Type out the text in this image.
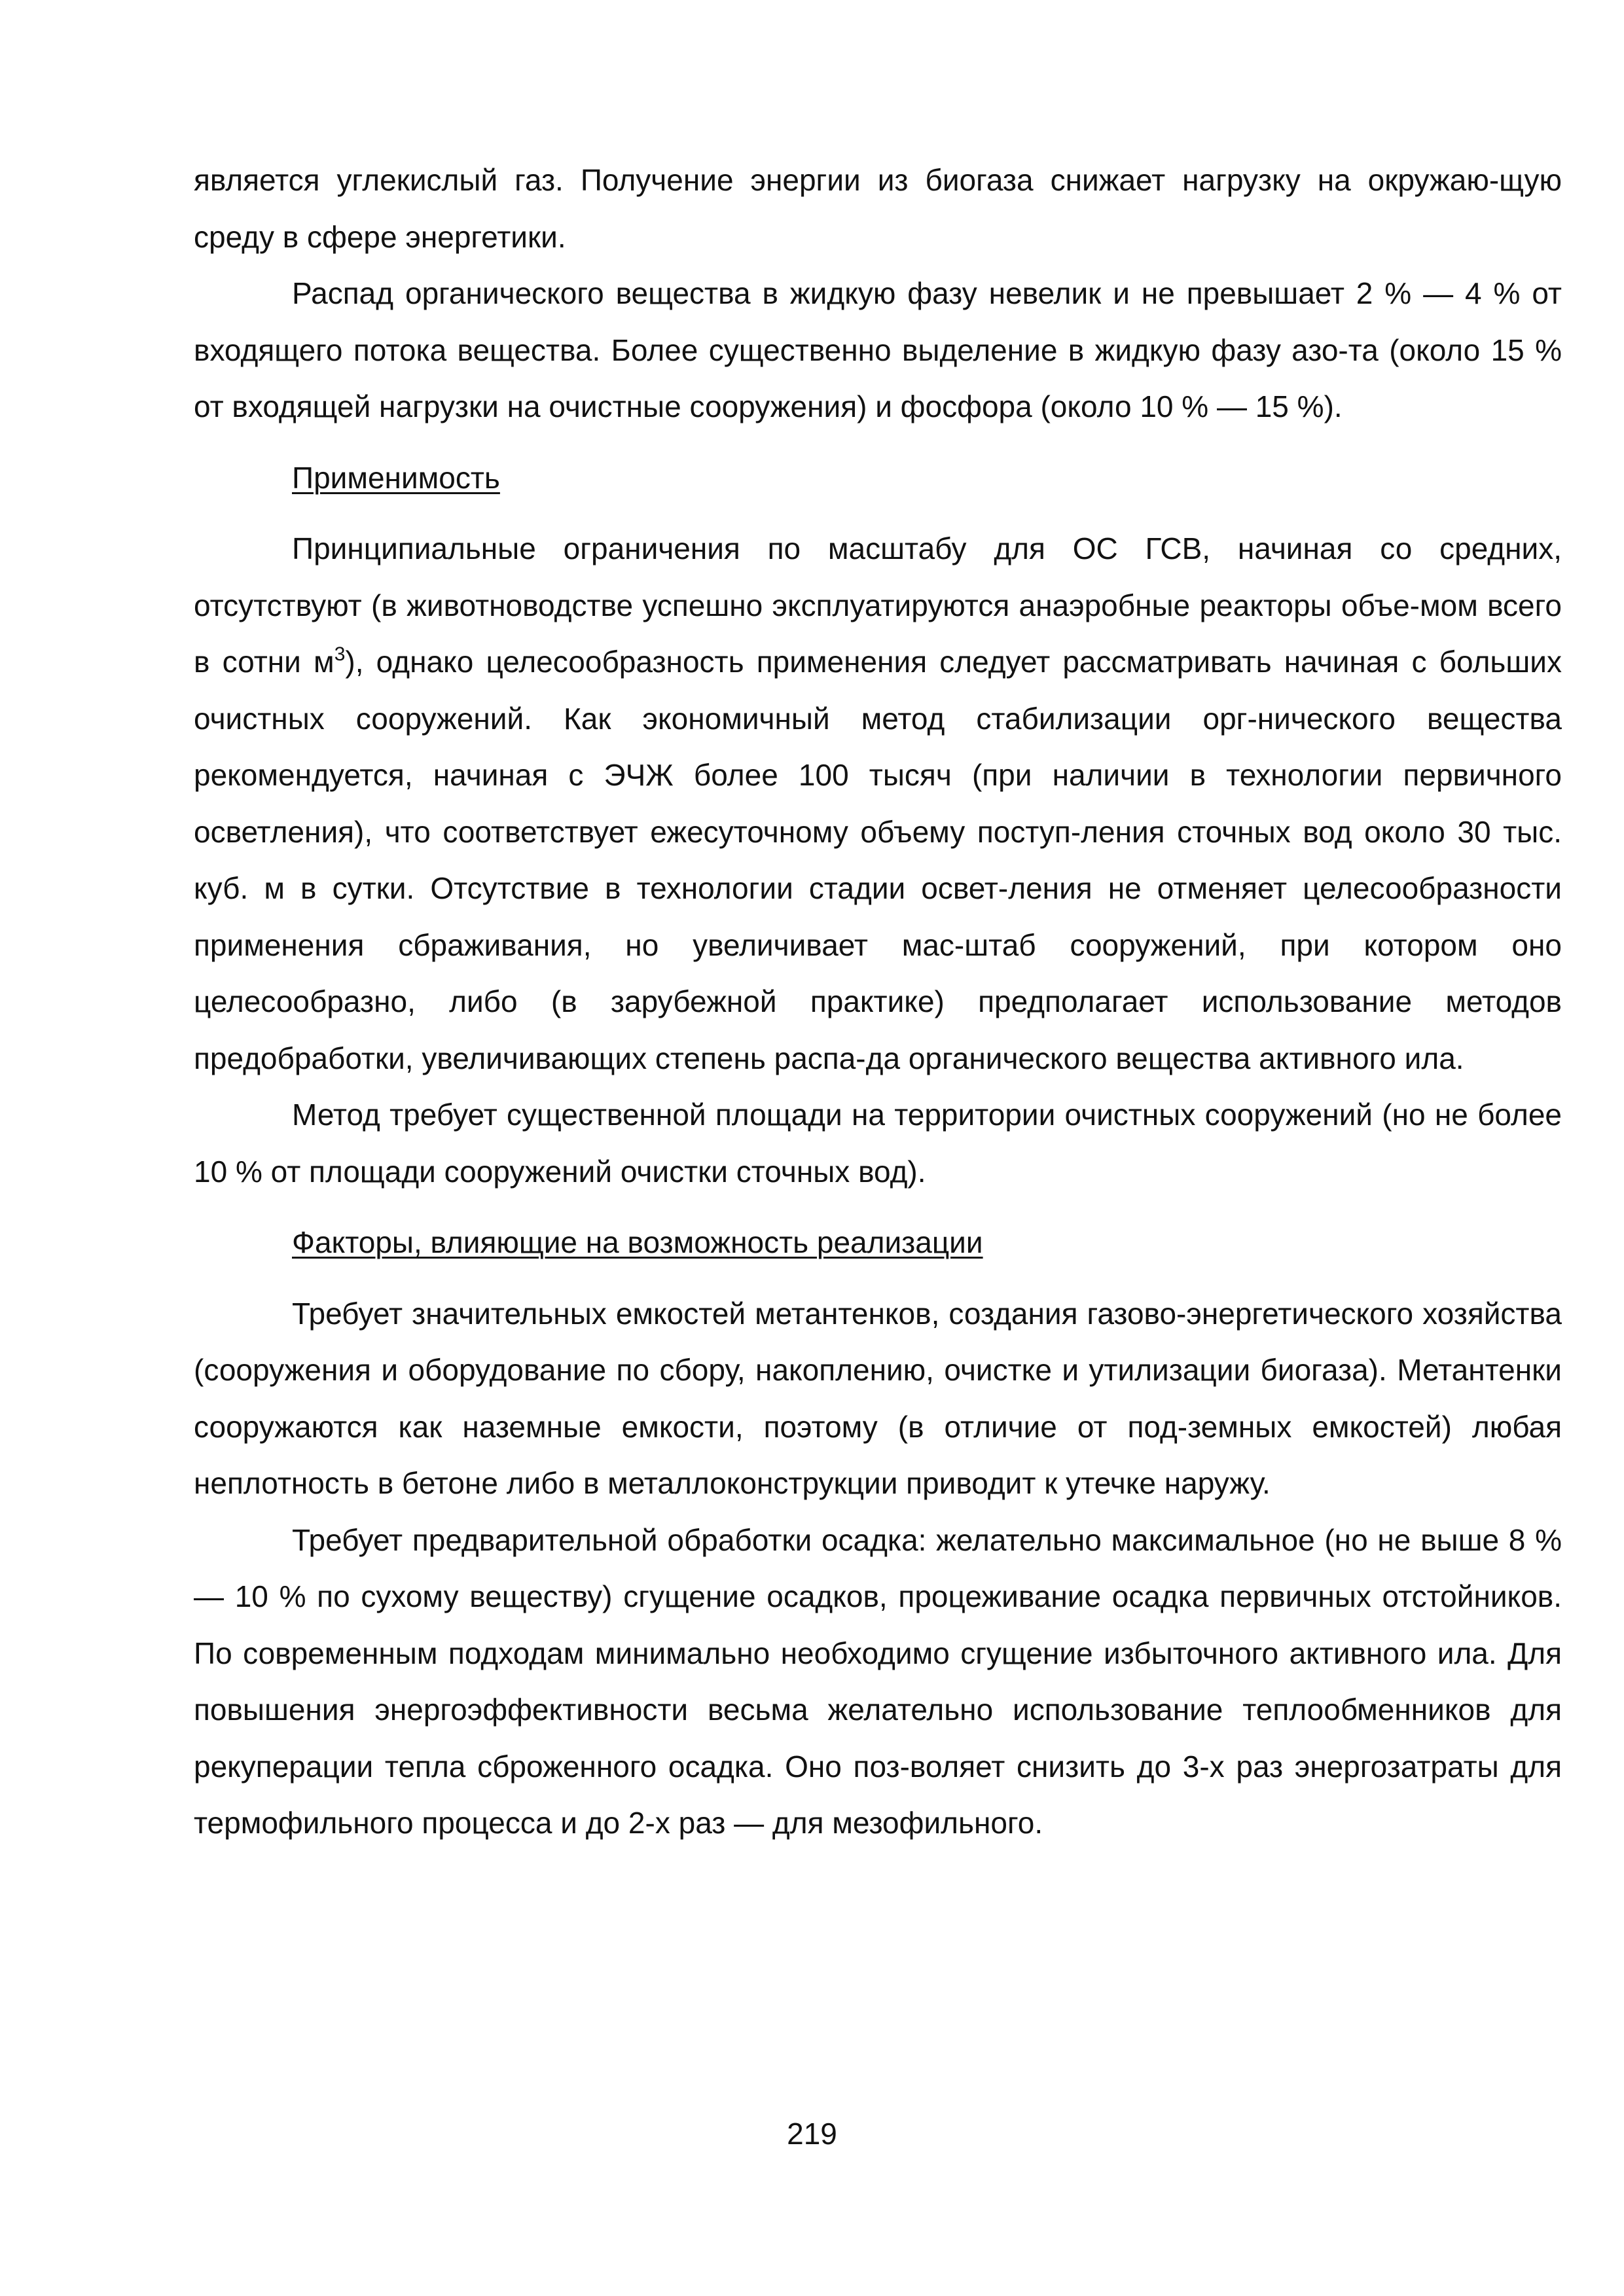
является углекислый газ. Получение энергии из биогаза снижает нагрузку на окружаю-щую среду в сфере энергетики.

Распад органического вещества в жидкую фазу невелик и не превышает 2 % — 4 % от входящего потока вещества. Более существенно выделение в жидкую фазу азо-та (около 15 % от входящей нагрузки на очистные сооружения) и фосфора (около 10 % — 15 %).

Применимость

Принципиальные ограничения по масштабу для ОС ГСВ, начиная со средних, отсутствуют (в животноводстве успешно эксплуатируются анаэробные реакторы объе-мом всего в сотни $м^3$), однако целесообразность применения следует рассматривать начиная с больших очистных сооружений. Как экономичный метод стабилизации орг-нического вещества рекомендуется, начиная с ЭЧЖ более 100 тысяч (при наличии в технологии первичного осветления), что соответствует ежесуточному объему поступ-ления сточных вод около 30 тыс. куб. м в сутки. Отсутствие в технологии стадии освет-ления не отменяет целесообразности применения сбраживания, но увеличивает мас-штаб сооружений, при котором оно целесообразно, либо (в зарубежной практике) предполагает использование методов предобработки, увеличивающих степень распа-да органического вещества активного ила.

Метод требует существенной площади на территории очистных сооружений (но не более 10 % от площади сооружений очистки сточных вод).

Факторы, влияющие на возможность реализации

Требует значительных емкостей метантенков, создания газово-энергетического хозяйства (сооружения и оборудование по сбору, накоплению, очистке и утилизации биогаза). Метантенки сооружаются как наземные емкости, поэтому (в отличие от под-земных емкостей) любая неплотность в бетоне либо в металлоконструкции приводит к утечке наружу.

Требует предварительной обработки осадка: желательно максимальное (но не выше 8 % — 10 % по сухому веществу) сгущение осадков, процеживание осадка первичных отстойников. По современным подходам минимально необходимо сгущение избыточного активного ила. Для повышения энергоэффективности весьма желательно использование теплообменников для рекуперации тепла сброженного осадка. Оно поз-воляет снизить до 3-х раз энергозатраты для термофильного процесса и до 2-х раз — для мезофильного.

219
